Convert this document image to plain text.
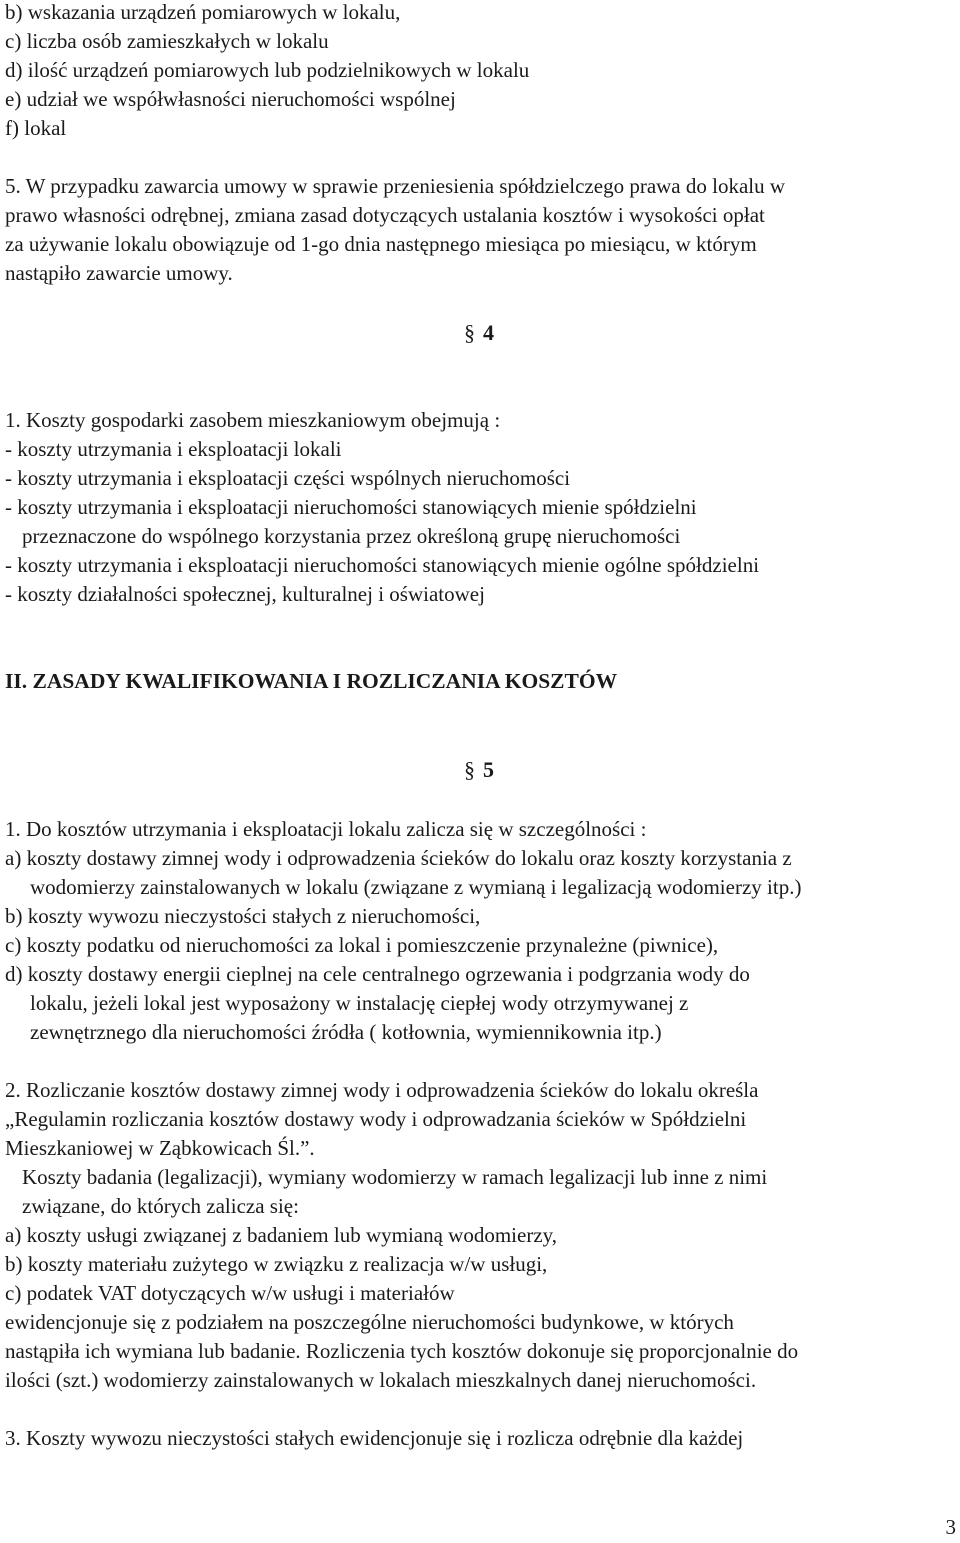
b) wskazania urządzeń pomiarowych w lokalu,
c) liczba osób zamieszkałych w lokalu
d) ilość urządzeń pomiarowych lub podzielnikowych w lokalu
e) udział we współwłasności nieruchomości wspólnej
f) lokal
5. W przypadku zawarcia umowy w sprawie przeniesienia spółdzielczego prawa do lokalu w
prawo własności odrębnej, zmiana zasad dotyczących ustalania kosztów i wysokości opłat
za używanie lokalu obowiązuje od 1-go dnia następnego miesiąca po miesiącu, w którym
nastąpiło zawarcie umowy.
§ 4
1. Koszty gospodarki zasobem mieszkaniowym obejmują :
- koszty utrzymania i eksploatacji lokali
- koszty utrzymania i eksploatacji części wspólnych nieruchomości
- koszty utrzymania i eksploatacji nieruchomości stanowiących mienie spółdzielni
przeznaczone do wspólnego korzystania przez określoną grupę nieruchomości
- koszty utrzymania i eksploatacji nieruchomości stanowiących mienie ogólne spółdzielni
- koszty działalności społecznej, kulturalnej i oświatowej
II. ZASADY KWALIFIKOWANIA I ROZLICZANIA KOSZTÓW
§ 5
1. Do kosztów utrzymania i eksploatacji lokalu zalicza się w szczególności :
a) koszty dostawy zimnej wody i odprowadzenia ścieków do lokalu oraz koszty korzystania z
wodomierzy zainstalowanych w lokalu (związane z wymianą i legalizacją wodomierzy itp.)
b) koszty wywozu nieczystości stałych z nieruchomości,
c) koszty podatku od nieruchomości za lokal i pomieszczenie przynależne (piwnice),
d) koszty dostawy energii cieplnej na cele centralnego ogrzewania i podgrzania wody do
lokalu, jeżeli lokal jest wyposażony w instalację ciepłej wody otrzymywanej z
zewnętrznego dla nieruchomości źródła ( kotłownia, wymiennikownia itp.)
2. Rozliczanie kosztów dostawy zimnej wody i odprowadzenia ścieków do lokalu określa
„Regulamin rozliczania kosztów dostawy wody i odprowadzania ścieków w Spółdzielni
Mieszkaniowej w Ząbkowicach Śl.”.
Koszty badania (legalizacji), wymiany wodomierzy w ramach legalizacji lub inne z nimi
związane, do których zalicza się:
a) koszty usługi związanej z badaniem lub wymianą wodomierzy,
b) koszty materiału zużytego w związku z realizacja w/w usługi,
c) podatek VAT dotyczących w/w usługi i materiałów
ewidencjonuje się z podziałem na poszczególne nieruchomości budynkowe, w których
nastąpiła ich wymiana lub badanie. Rozliczenia tych kosztów dokonuje się proporcjonalnie do
ilości (szt.) wodomierzy zainstalowanych w lokalach mieszkalnych danej nieruchomości.
3. Koszty wywozu nieczystości stałych ewidencjonuje się i rozlicza odrębnie dla każdej
3
